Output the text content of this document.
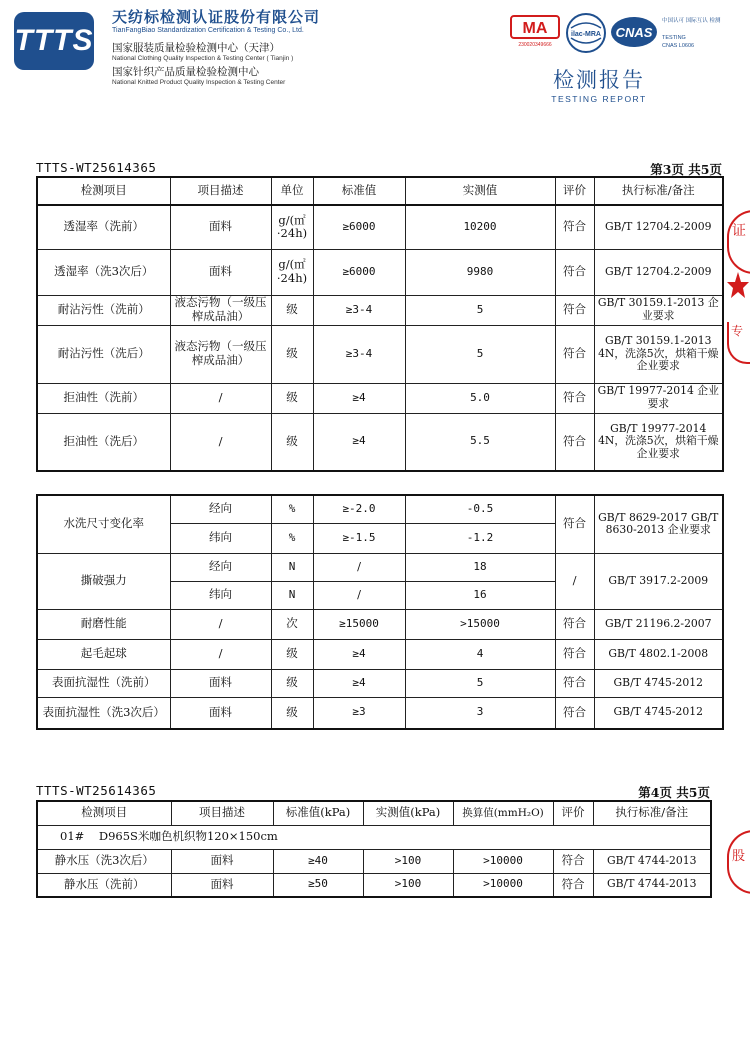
TTTS
天纺标检测认证股份有限公司
TianFangBiao Standardization Certification & Testing Co., Ltd.
国家服装质量检验检测中心（天津）
National Clothing Quality Inspection & Testing Center ( Tianjin )
国家针织产品质量检验检测中心
National Knitted Product Quality Inspection & Testing Center
MA
230020349666
ilac-MRA CNAS
中国认可 国际互认 检测
TESTING
CNAS L0606
检测报告
TESTING REPORT
TTTS-WT25614365	第3页 共5页
检测项目	项目描述	单位	标准值	实测值	评价	执行标准/备注
透湿率（洗前）	面料	g/(㎡·24h)	≥6000	10200	符合	GB/T 12704.2-2009
透湿率（洗3次后）	面料	g/(㎡·24h)	≥6000	9980	符合	GB/T 12704.2-2009
耐沾污性（洗前）	液态污物（一级压榨成品油）	级	≥3-4	5	符合	GB/T 30159.1-2013 企业要求
耐沾污性（洗后）	液态污物（一级压榨成品油）	级	≥3-4	5	符合	GB/T 30159.1-2013 4N，洗涤5次，烘箱干燥 企业要求
拒油性（洗前）	/	级	≥4	5.0	符合	GB/T 19977-2014 企业要求
拒油性（洗后）	/	级	≥4	5.5	符合	GB/T 19977-2014 4N，洗涤5次，烘箱干燥 企业要求
水洗尺寸变化率	经向	%	≥-2.0	-0.5	符合	GB/T 8629-2017 GB/T 8630-2013 企业要求
	纬向	%	≥-1.5	-1.2		
撕破强力	经向	N	/	18	/	GB/T 3917.2-2009
	纬向	N	/	16		
耐磨性能	/	次	≥15000	>15000	符合	GB/T 21196.2-2007
起毛起球	/	级	≥4	4	符合	GB/T 4802.1-2008
表面抗湿性（洗前）	面料	级	≥4	5	符合	GB/T 4745-2012
表面抗湿性（洗3次后）	面料	级	≥3	3	符合	GB/T 4745-2012
TTTS-WT25614365	第4页 共5页
检测项目	项目描述	标准值(kPa)	实测值(kPa)	换算值(mmH₂O)	评价	执行标准/备注
01#    D965S米咖色机织物120×150cm						
静水压（洗3次后）	面料	≥40	>100	>10000	符合	GB/T 4744-2013
静水压（洗前）	面料	≥50	>100	>10000	符合	GB/T 4744-2013
证
专
股
